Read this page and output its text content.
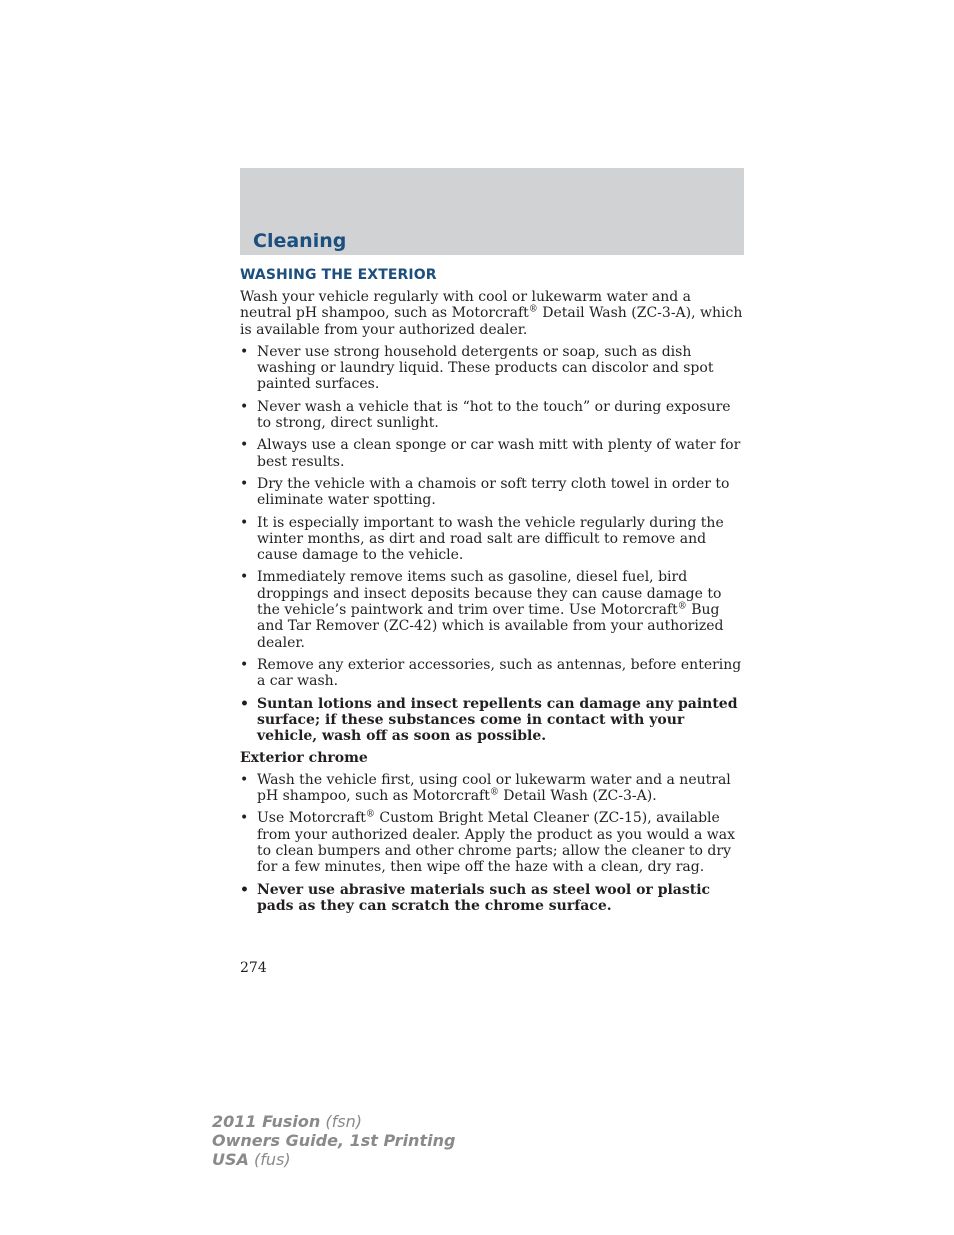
Cleaning
WASHING THE EXTERIOR

Wash your vehicle regularly with cool or lukewarm water and a neutral pH shampoo, such as Motorcraft® Detail Wash (ZC-3-A), which is available from your authorized dealer.

• Never use strong household detergents or soap, such as dish washing or laundry liquid. These products can discolor and spot painted surfaces.
• Never wash a vehicle that is “hot to the touch” or during exposure to strong, direct sunlight.
• Always use a clean sponge or car wash mitt with plenty of water for best results.
• Dry the vehicle with a chamois or soft terry cloth towel in order to eliminate water spotting.
• It is especially important to wash the vehicle regularly during the winter months, as dirt and road salt are difficult to remove and cause damage to the vehicle.
• Immediately remove items such as gasoline, diesel fuel, bird droppings and insect deposits because they can cause damage to the vehicle’s paintwork and trim over time. Use Motorcraft® Bug and Tar Remover (ZC-42) which is available from your authorized dealer.
• Remove any exterior accessories, such as antennas, before entering a car wash.
• Suntan lotions and insect repellents can damage any painted surface; if these substances come in contact with your vehicle, wash off as soon as possible.
Exterior chrome
• Wash the vehicle first, using cool or lukewarm water and a neutral pH shampoo, such as Motorcraft® Detail Wash (ZC-3-A).
• Use Motorcraft® Custom Bright Metal Cleaner (ZC-15), available from your authorized dealer. Apply the product as you would a wax to clean bumpers and other chrome parts; allow the cleaner to dry for a few minutes, then wipe off the haze with a clean, dry rag.
• Never use abrasive materials such as steel wool or plastic pads as they can scratch the chrome surface.
274
2011 Fusion (fsn)
Owners Guide, 1st Printing
USA (fus)
